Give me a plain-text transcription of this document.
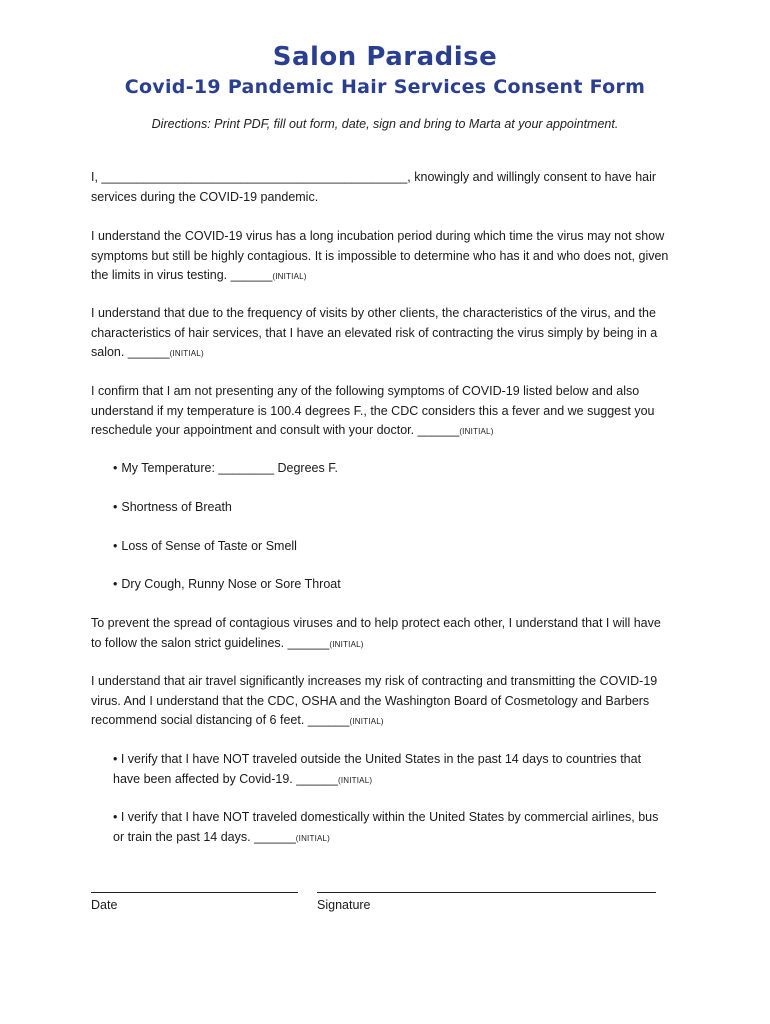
Salon Paradise
Covid-19 Pandemic Hair Services Consent Form
Directions: Print PDF, fill out form, date, sign and bring to Marta at your appointment.
I, ____________________________________________, knowingly and willingly consent to have hair
services during the COVID-19 pandemic.
I understand the COVID-19 virus has a long incubation period during which time the virus may not show
symptoms but still be highly contagious. It is impossible to determine who has it and who does not, given
the limits in virus testing. ______(INITIAL)
I understand that due to the frequency of visits by other clients, the characteristics of the virus, and the
characteristics of hair services, that I have an elevated risk of contracting the virus simply by being in a
salon. ______(INITIAL)
I confirm that I am not presenting any of the following symptoms of COVID-19 listed below and also
understand if my temperature is 100.4 degrees F., the CDC considers this a fever and we suggest you
reschedule your appointment and consult with your doctor. ______(INITIAL)
• My Temperature: ________ Degrees F.
• Shortness of Breath
• Loss of Sense of Taste or Smell
• Dry Cough, Runny Nose or Sore Throat
To prevent the spread of contagious viruses and to help protect each other, I understand that I will have
to follow the salon strict guidelines. ______(INITIAL)
I understand that air travel significantly increases my risk of contracting and transmitting the COVID-19
virus. And I understand that the CDC, OSHA and the Washington Board of Cosmetology and Barbers
recommend social distancing of 6 feet. ______(INITIAL)
• I verify that I have NOT traveled outside the United States in the past 14 days to countries that
have been affected by Covid-19. ______(INITIAL)
• I verify that I have NOT traveled domestically within the United States by commercial airlines, bus
or train the past 14 days. ______(INITIAL)
Date	Signature
